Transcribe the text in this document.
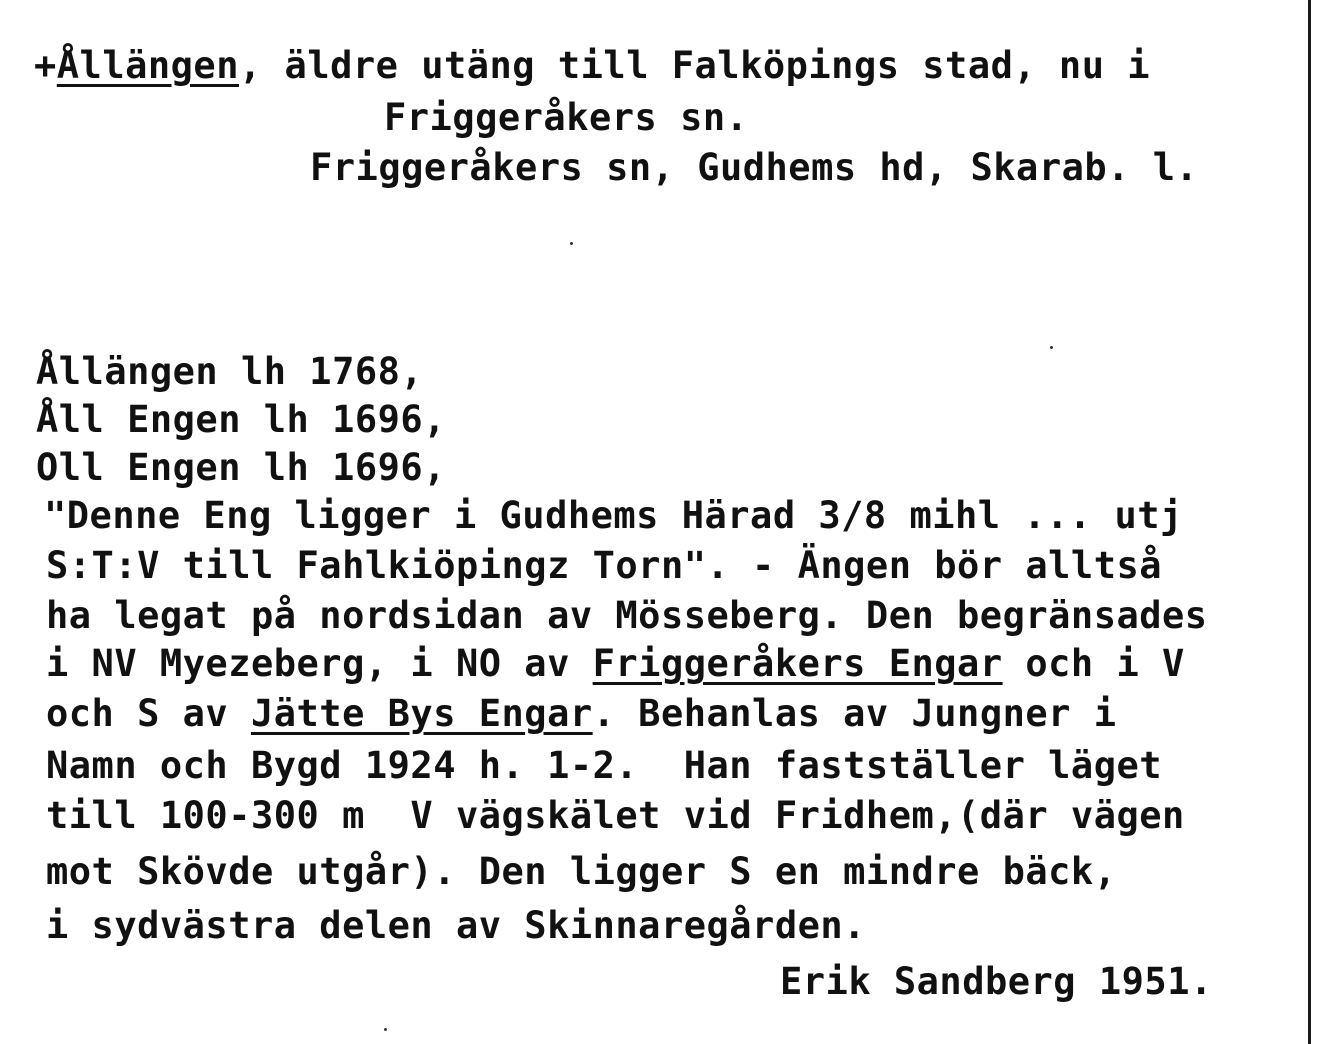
+Ållängen, äldre utäng till Falköpings stad, nu i
Friggeråkers sn.
Friggeråkers sn, Gudhems hd, Skarab. l.
Ållängen lh 1768,
Åll Engen lh 1696,
Oll Engen lh 1696,
"Denne Eng ligger i Gudhems Härad 3/8 mihl ... utj
S:T:V till Fahlkiöpingz Torn". - Ängen bör alltså
ha legat på nordsidan av Mösseberg. Den begränsades
i NV Myezeberg, i NO av Friggeråkers Engar och i V
och S av Jätte Bys Engar. Behanlas av Jungner i
Namn och Bygd 1924 h. 1-2.  Han fastställer läget
till 100-300 m  V vägskälet vid Fridhem,(där vägen
mot Skövde utgår). Den ligger S en mindre bäck,
i sydvästra delen av Skinnaregården.
Erik Sandberg 1951.
